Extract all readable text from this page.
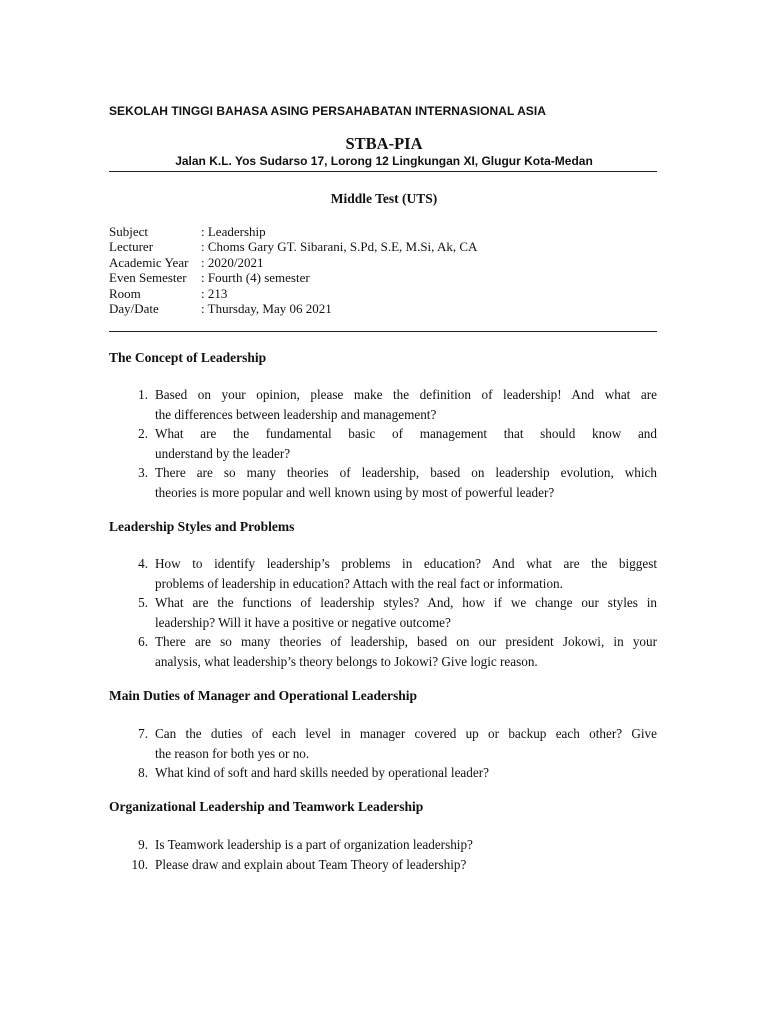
SEKOLAH TINGGI BAHASA ASING PERSAHABATAN INTERNASIONAL ASIA
STBA-PIA
Jalan K.L. Yos Sudarso 17, Lorong 12 Lingkungan XI, Glugur Kota-Medan
Middle Test (UTS)
Subject	: Leadership
Lecturer	: Choms Gary GT. Sibarani, S.Pd, S.E, M.Si, Ak, CA
Academic Year : 2020/2021
Even Semester	: Fourth (4) semester
Room	: 213
Day/Date	: Thursday, May 06 2021
The Concept of Leadership
1. Based on your opinion, please make the definition of leadership! And what are
the differences between leadership and management?
2. What are the fundamental basic of management that should know and
understand by the leader?
3. There are so many theories of leadership, based on leadership evolution, which
theories is more popular and well known using by most of powerful leader?
Leadership Styles and Problems
4. How to identify leadership’s problems in education? And what are the biggest
problems of leadership in education? Attach with the real fact or information.
5. What are the functions of leadership styles? And, how if we change our styles in
leadership? Will it have a positive or negative outcome?
6. There are so many theories of leadership, based on our president Jokowi, in your
analysis, what leadership’s theory belongs to Jokowi? Give logic reason.
Main Duties of Manager and Operational Leadership
7. Can the duties of each level in manager covered up or backup each other? Give
the reason for both yes or no.
8. What kind of soft and hard skills needed by operational leader?
Organizational Leadership and Teamwork Leadership
9. Is Teamwork leadership is a part of organization leadership?
10. Please draw and explain about Team Theory of leadership?
